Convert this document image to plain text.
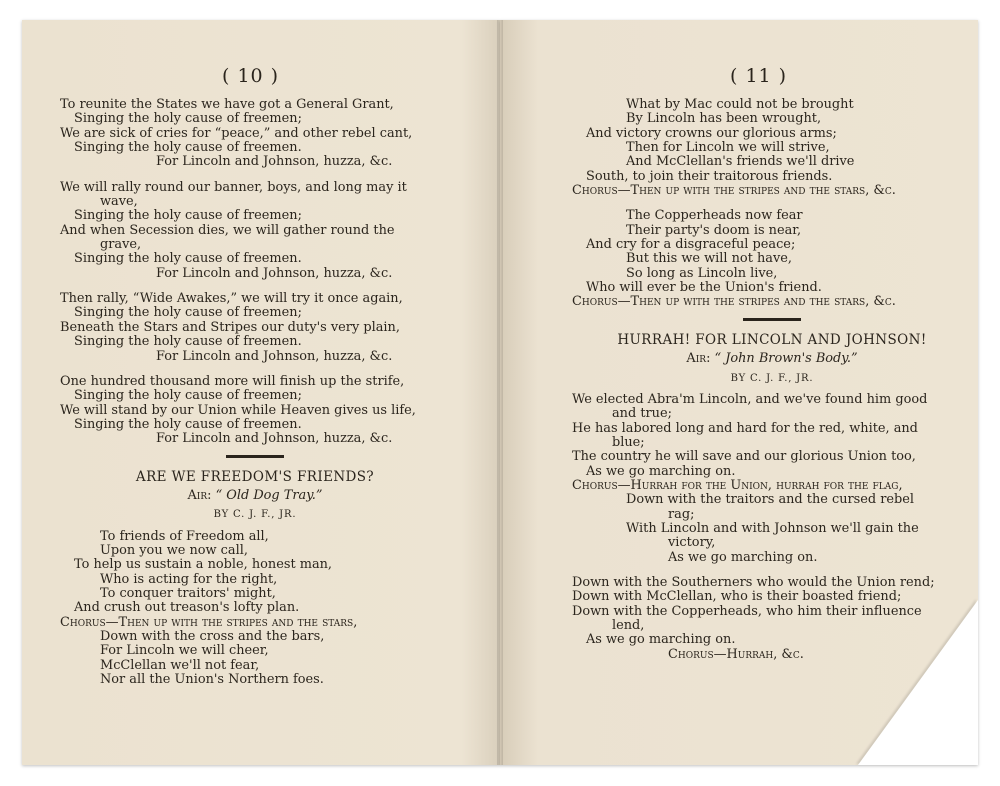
( 10 )	( 11 )
To reunite the States we have got a General Grant,
Singing the holy cause of freemen;
We are sick of cries for “peace,” and other rebel cant,
Singing the holy cause of freemen.
For Lincoln and Johnson, huzza, &c.
We will rally round our banner, boys, and long may it
wave,
Singing the holy cause of freemen;
And when Secession dies, we will gather round the
grave,
Singing the holy cause of freemen.
For Lincoln and Johnson, huzza, &c.
Then rally, “Wide Awakes,” we will try it once again,
Singing the holy cause of freemen;
Beneath the Stars and Stripes our duty's very plain,
Singing the holy cause of freemen.
For Lincoln and Johnson, huzza, &c.
One hundred thousand more will finish up the strife,
Singing the holy cause of freemen;
We will stand by our Union while Heaven gives us life,
Singing the holy cause of freemen.
For Lincoln and Johnson, huzza, &c.
ARE WE FREEDOM'S FRIENDS?
Air: “ Old Dog Tray.”
BY C. J. F., JR.
To friends of Freedom all,
Upon you we now call,
To help us sustain a noble, honest man,
Who is acting for the right,
To conquer traitors' might,
And crush out treason's lofty plan.
Chorus—Then up with the stripes and the stars,
Down with the cross and the bars,
For Lincoln we will cheer,
McClellan we'll not fear,
Nor all the Union's Northern foes.
What by Mac could not be brought
By Lincoln has been wrought,
And victory crowns our glorious arms;
Then for Lincoln we will strive,
And McClellan's friends we'll drive
South, to join their traitorous friends.
Chorus—Then up with the stripes and the stars, &c.
The Copperheads now fear
Their party's doom is near,
And cry for a disgraceful peace;
But this we will not have,
So long as Lincoln live,
Who will ever be the Union's friend.
Chorus—Then up with the stripes and the stars, &c.
HURRAH! FOR LINCOLN AND JOHNSON!
Air: “ John Brown's Body.”
BY C. J. F., JR.
We elected Abra'm Lincoln, and we've found him good
and true;
He has labored long and hard for the red, white, and
blue;
The country he will save and our glorious Union too,
As we go marching on.
Chorus—Hurrah for the Union, hurrah for the flag,
Down with the traitors and the cursed rebel
rag;
With Lincoln and with Johnson we'll gain the
victory,
As we go marching on.
Down with the Southerners who would the Union rend;
Down with McClellan, who is their boasted friend;
Down with the Copperheads, who him their influence
lend,
As we go marching on.
Chorus—Hurrah, &c.
